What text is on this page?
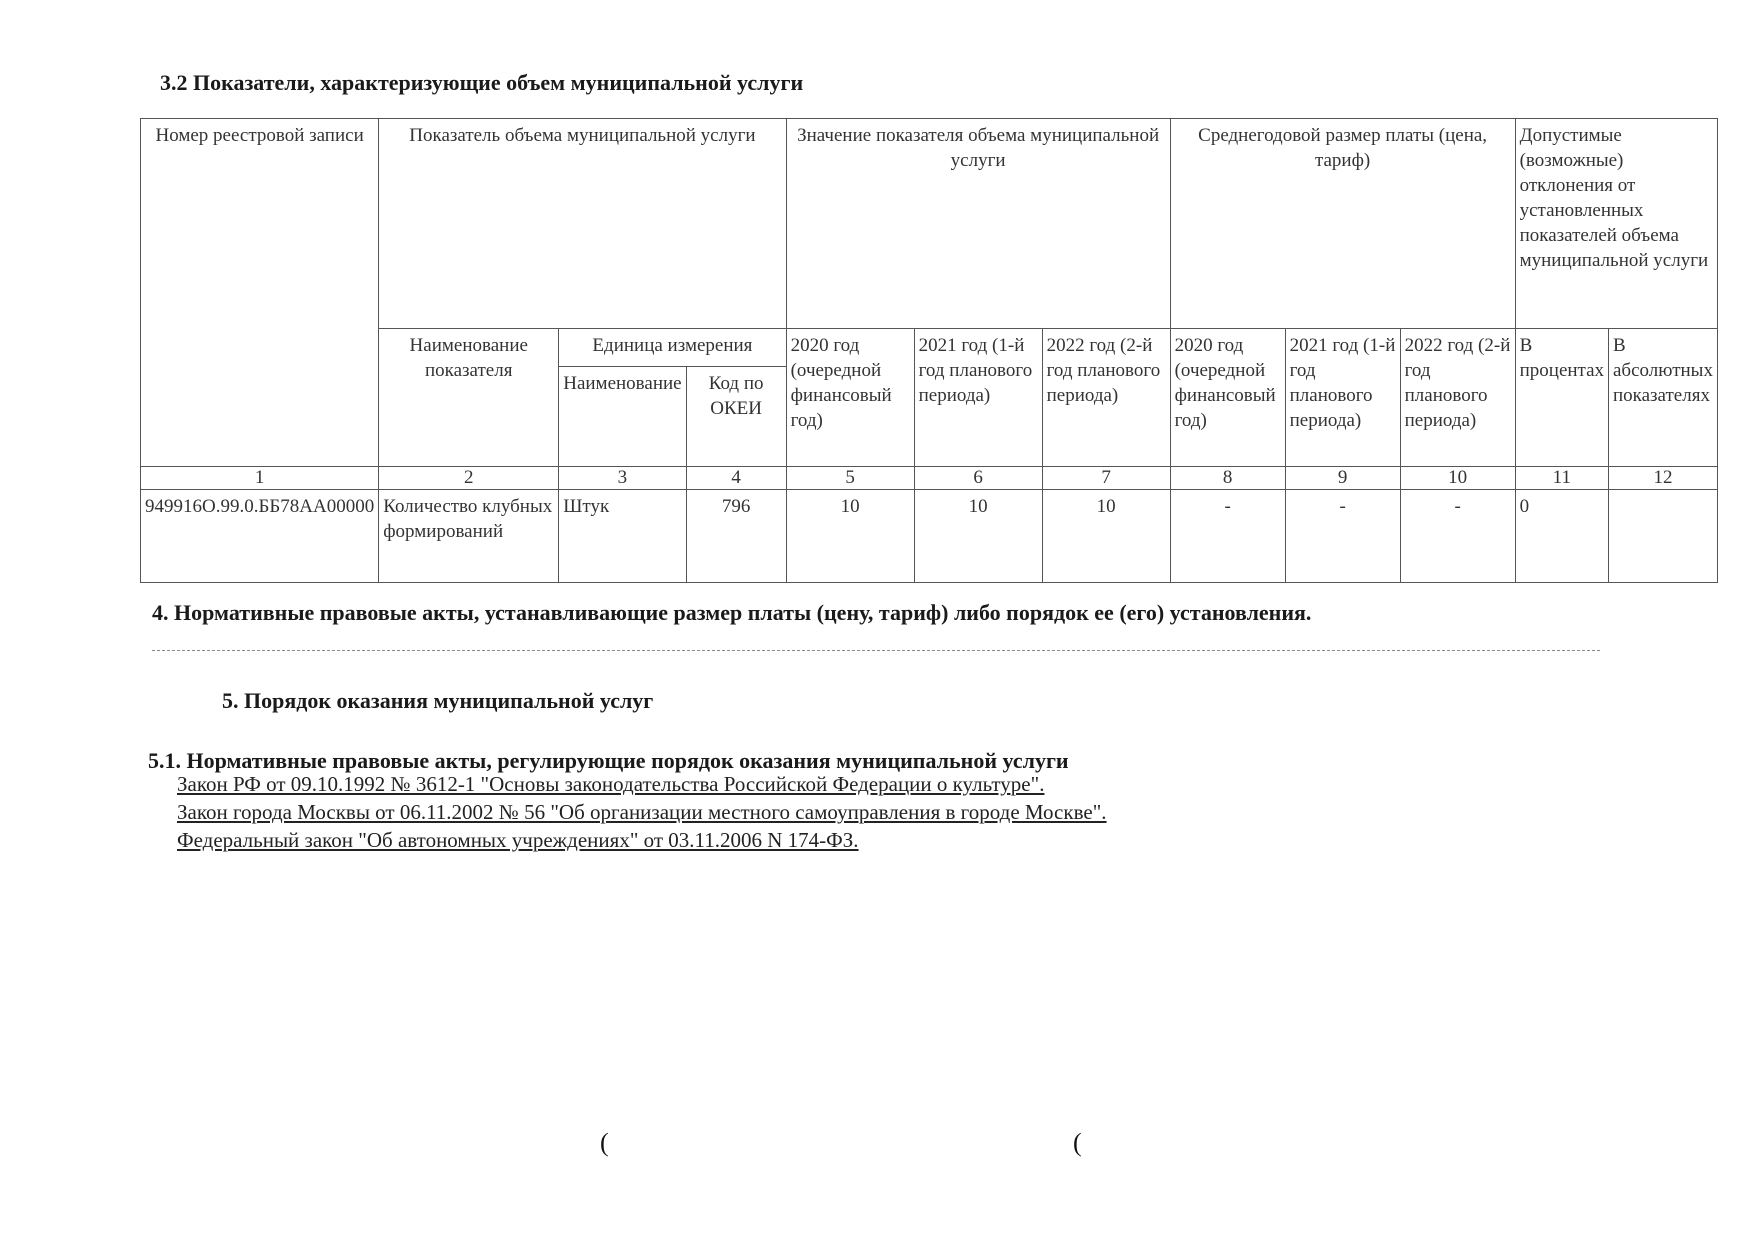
3.2 Показатели, характеризующие объем муниципальной услуги
Номер реестровой записи	Показатель объема муниципальной услуги			Значение показателя объема муниципальной услуги			Среднегодовой размер платы (цена, тариф)			Допустимые (возможные) отклонения от установленных показателей объема муниципальной услуги	
	Наименование показателя	Единица измерения		2020 год (очередной финансовый год)	2021 год (1-й год планового периода)	2022 год (2-й год планового периода)	2020 год (очередной финансовый год)	2021 год (1-й год планового периода)	2022 год (2-й год планового периода)	В процентах	В абсолютных показателях
		Наименование	Код по ОКЕИ								
1	2	3	4	5	6	7	8	9	10	11	12
949916О.99.0.ББ78АА00000	Количество клубных формирований	Штук	796	10	10	10	-	-	-	0	
4. Нормативные правовые акты, устанавливающие размер платы (цену, тариф) либо порядок ее (его) установления.
5. Порядок оказания муниципальной услуг
5.1. Нормативные правовые акты, регулирующие порядок оказания муниципальной услуги
Закон РФ от 09.10.1992 № 3612-1 "Основы законодательства Российской Федерации о культуре".
Закон города Москвы от 06.11.2002 № 56 "Об организации местного самоуправления в городе Москве".
Федеральный закон "Об автономных учреждениях" от 03.11.2006 N 174-ФЗ.
(	(
